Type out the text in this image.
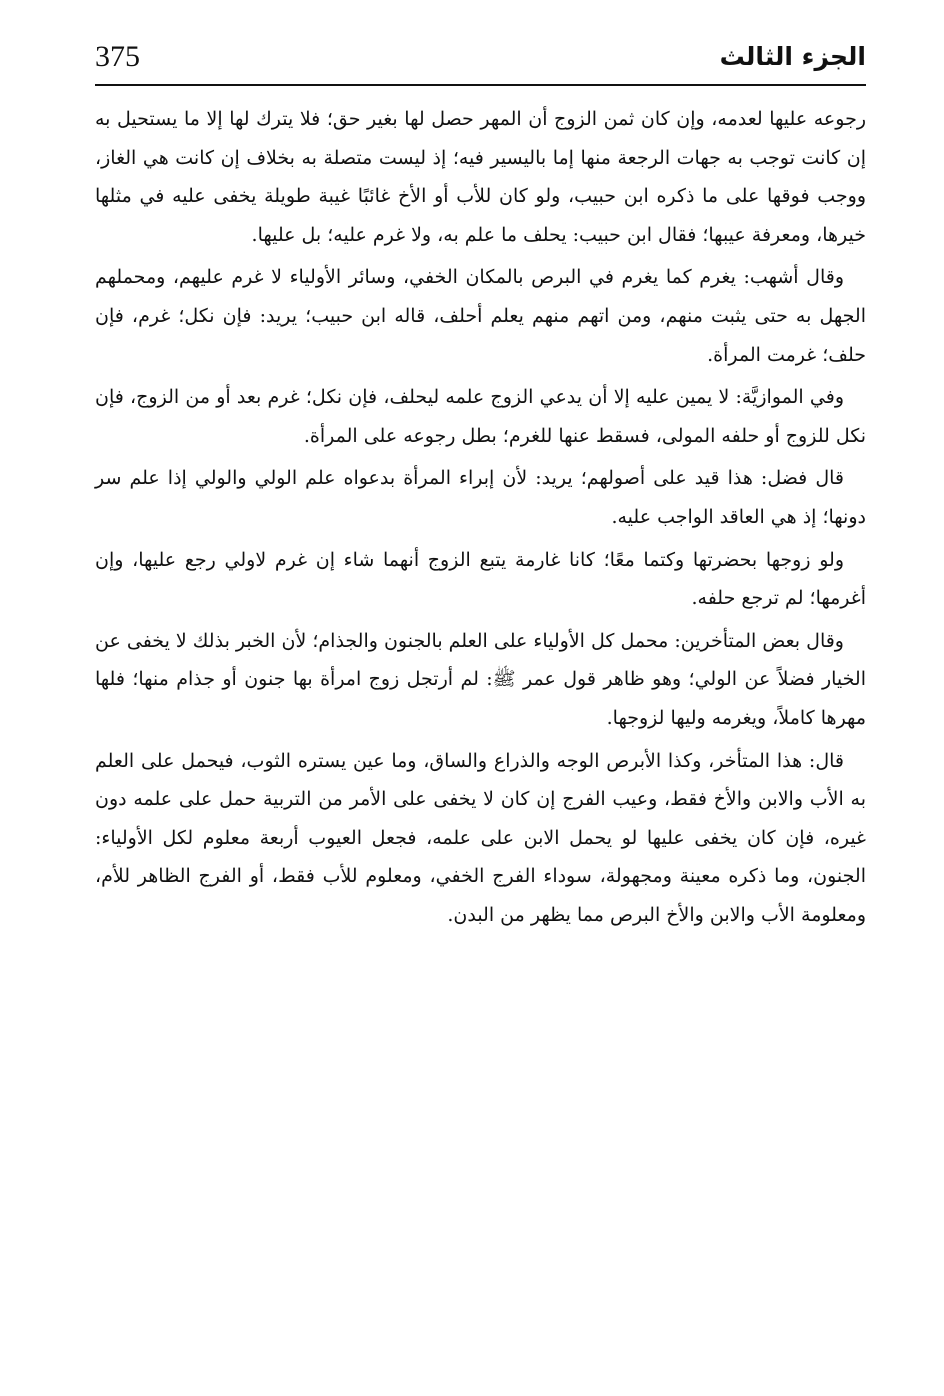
375	الجزء الثالث

رجوعه عليها لعدمه، وإن كان ثمن الزوج أن المهر حصل لها بغير حق؛ فلا يترك لها إلا ما يستحيل به إن كانت توجب به جهات الرجعة منها إما باليسير فيه؛ إذ ليست متصلة به بخلاف إن كانت هي الغاز، ووجب فوقها على ما ذكره ابن حبيب، ولو كان للأب أو الأخ غائبًا غيبة طويلة يخفى عليه في مثلها خيرها، ومعرفة عيبها؛ فقال ابن حبيب: يحلف ما علم به، ولا غرم عليه؛ بل عليها.

وقال أشهب: يغرم كما يغرم في البرص بالمكان الخفي، وسائر الأولياء لا غرم عليهم، ومحملهم الجهل به حتى يثبت منهم، ومن اتهم منهم يعلم أحلف، قاله ابن حبيب؛ يريد: فإن نكل؛ غرم، فإن حلف؛ غرمت المرأة.

وفي الموازيَّة: لا يمين عليه إلا أن يدعي الزوج علمه ليحلف، فإن نكل؛ غرم بعد أو من الزوج، فإن نكل للزوج أو حلفه المولى، فسقط عنها للغرم؛ بطل رجوعه على المرأة.

قال فضل: هذا قيد على أصولهم؛ يريد: لأن إبراء المرأة بدعواه علم الولي والولي إذا علم سر دونها؛ إذ هي العاقد الواجب عليه.

ولو زوجها بحضرتها وكتما معًا؛ كانا غارمة يتبع الزوج أنهما شاء إن غرم لاولي رجع عليها، وإن أغرمها؛ لم ترجع حلفه.

وقال بعض المتأخرين: محمل كل الأولياء على العلم بالجنون والجذام؛ لأن الخبر بذلك لا يخفى عن الخيار فضلاً عن الولي؛ وهو ظاهر قول عمر ﷺ: لم أرتجل زوج امرأة بها جنون أو جذام منها؛ فلها مهرها كاملاً، ويغرمه وليها لزوجها.

قال: هذا المتأخر، وكذا الأبرص الوجه والذراع والساق، وما عين يستره الثوب، فيحمل على العلم به الأب والابن والأخ فقط، وعيب الفرج إن كان لا يخفى على الأمر من التربية حمل على علمه دون غيره، فإن كان يخفى عليها لو يحمل الابن على علمه، فجعل العيوب أربعة معلوم لكل الأولياء: الجنون، وما ذكره معينة ومجهولة، سوداء الفرج الخفي، ومعلوم للأب فقط، أو الفرج الظاهر للأم، ومعلومة الأب والابن والأخ البرص مما يظهر من البدن.
